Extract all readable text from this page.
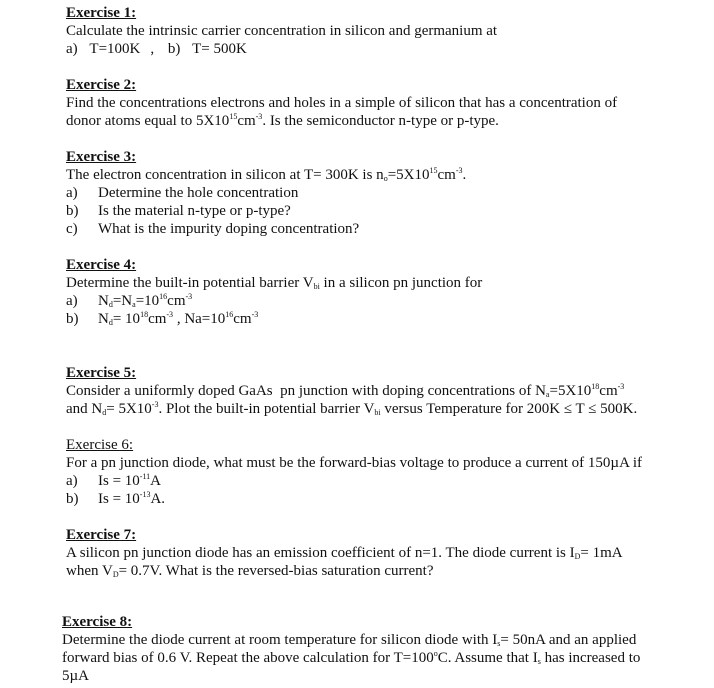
Exercise 1:
Calculate the intrinsic carrier concentration in silicon and germanium at
a) T=100K , b) T= 500K
Exercise 2:
Find the concentrations electrons and holes in a simple of silicon that has a concentration of
donor atoms equal to $5X10^{15}cm^{-3}$. Is the semiconductor n-type or p-type.
Exercise 3:
The electron concentration in silicon at T= 300K is $n_o=5X10^{15}cm^{-3}$.
a) Determine the hole concentration
b) Is the material n-type or p-type?
c) What is the impurity doping concentration?
Exercise 4:
Determine the built-in potential barrier $V_{bi}$ in a silicon pn junction for
a) $N_d=N_a=10^{16}cm^{-3}$
b) $N_d= 10^{18}cm^{-3}$ , $Na=10^{16}cm^{-3}$
Exercise 5:
Consider a uniformly doped GaAs  pn junction with doping concentrations of $N_a=5X10^{18}cm^{-3}$
and $N_d= 5X10^{-3}$. Plot the built-in potential barrier $V_{bi}$ versus Temperature for 200K ≤ T ≤ 500K.
Exercise 6:
For a pn junction diode, what must be the forward-bias voltage to produce a current of 150µA if
a) $Is = 10^{-11}A$
b) $Is = 10^{-13}A$.
Exercise 7:
A silicon pn junction diode has an emission coefficient of n=1. The diode current is $I_D= 1mA$
when $V_D= 0.7V$. What is the reversed-bias saturation current?
Exercise 8:
Determine the diode current at room temperature for silicon diode with $I_s= 50nA$ and an applied
forward bias of 0.6 V. Repeat the above calculation for $T=100^oC$. Assume that $I_s$ has increased to
5µA
